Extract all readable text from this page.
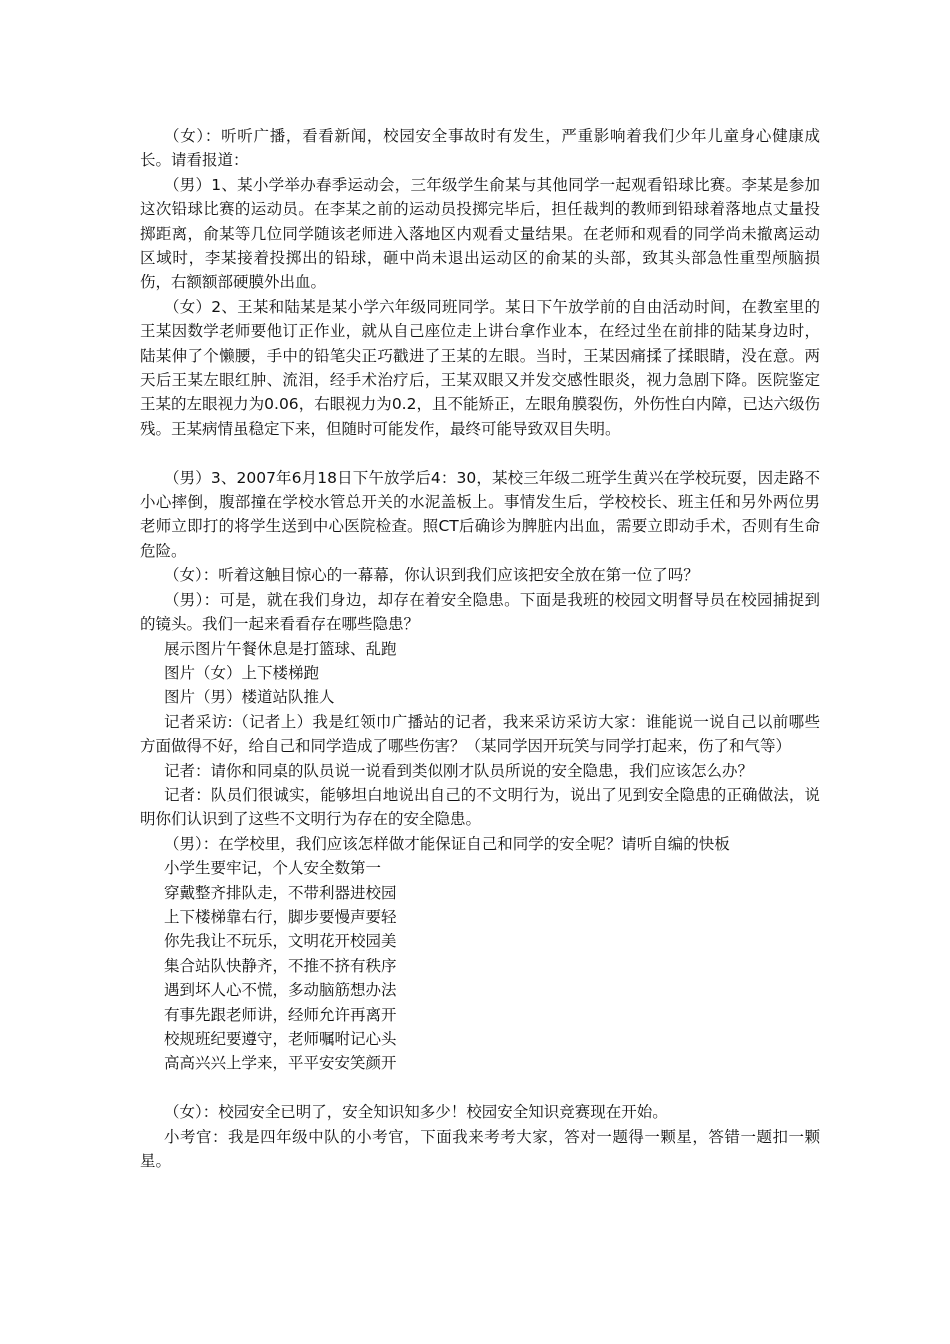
（女）：听听广播，看看新闻，校园安全事故时有发生，严重影响着我们少年儿童身心健康成长。请看报道：

（男）1、某小学举办春季运动会，三年级学生俞某与其他同学一起观看铅球比赛。李某是参加这次铅球比赛的运动员。在李某之前的运动员投掷完毕后，担任裁判的教师到铅球着落地点丈量投掷距离，俞某等几位同学随该老师进入落地区内观看丈量结果。在老师和观看的同学尚未撤离运动区域时，李某接着投掷出的铅球，砸中尚未退出运动区的俞某的头部，致其头部急性重型颅脑损伤，右额额部硬膜外出血。

（女）2、王某和陆某是某小学六年级同班同学。某日下午放学前的自由活动时间，在教室里的王某因数学老师要他订正作业，就从自己座位走上讲台拿作业本，在经过坐在前排的陆某身边时，陆某伸了个懒腰，手中的铅笔尖正巧戳进了王某的左眼。当时，王某因痛揉了揉眼睛，没在意。两天后王某左眼红肿、流泪，经手术治疗后，王某双眼又并发交感性眼炎，视力急剧下降。医院鉴定王某的左眼视力为0.06，右眼视力为0.2，且不能矫正，左眼角膜裂伤，外伤性白内障，已达六级伤残。王某病情虽稳定下来，但随时可能发作，最终可能导致双目失明。

（男）3、2007年6月18日下午放学后4：30，某校三年级二班学生黄兴在学校玩耍，因走路不小心摔倒，腹部撞在学校水管总开关的水泥盖板上。事情发生后，学校校长、班主任和另外两位男老师立即打的将学生送到中心医院检查。照CT后确诊为脾脏内出血，需要立即动手术，否则有生命危险。

（女）：听着这触目惊心的一幕幕，你认识到我们应该把安全放在第一位了吗？

（男）：可是，就在我们身边，却存在着安全隐患。下面是我班的校园文明督导员在校园捕捉到的镜头。我们一起来看看存在哪些隐患？

展示图片午餐休息是打篮球、乱跑

图片（女）上下楼梯跑

图片（男）楼道站队推人

记者采访:（记者上）我是红领巾广播站的记者，我来采访采访大家：谁能说一说自己以前哪些方面做得不好，给自己和同学造成了哪些伤害？（某同学因开玩笑与同学打起来，伤了和气等）

记者：请你和同桌的队员说一说看到类似刚才队员所说的安全隐患，我们应该怎么办？

记者：队员们很诚实，能够坦白地说出自己的不文明行为，说出了见到安全隐患的正确做法，说明你们认识到了这些不文明行为存在的安全隐患。

（男）：在学校里，我们应该怎样做才能保证自己和同学的安全呢？请听自编的快板

小学生要牢记，个人安全数第一

穿戴整齐排队走，不带利器进校园

上下楼梯靠右行，脚步要慢声要轻

你先我让不玩乐，文明花开校园美

集合站队快静齐，不推不挤有秩序

遇到坏人心不慌，多动脑筋想办法

有事先跟老师讲，经师允许再离开

校规班纪要遵守，老师嘱咐记心头

高高兴兴上学来，平平安安笑颜开

（女）：校园安全已明了，安全知识知多少！校园安全知识竞赛现在开始。

小考官：我是四年级中队的小考官，下面我来考考大家，答对一题得一颗星，答错一题扣一颗星。
